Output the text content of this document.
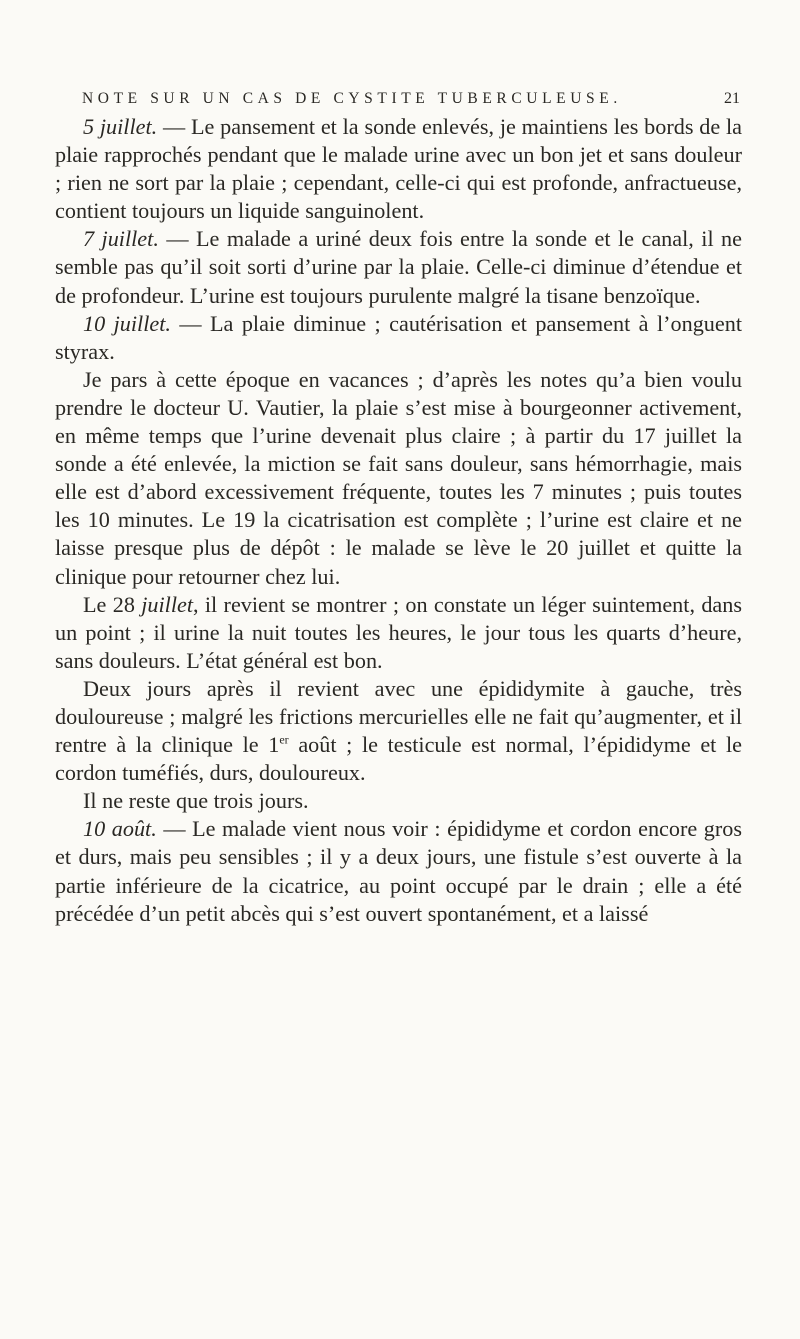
NOTE SUR UN CAS DE CYSTITE TUBERCULEUSE.	21

5 juillet. — Le pansement et la sonde enlevés, je maintiens les bords de la plaie rapprochés pendant que le malade urine avec un bon jet et sans douleur ; rien ne sort par la plaie ; cependant, celle-ci qui est profonde, anfractueuse, contient toujours un liquide sanguinolent.

7 juillet. — Le malade a uriné deux fois entre la sonde et le canal, il ne semble pas qu’il soit sorti d’urine par la plaie. Celle-ci diminue d’étendue et de profondeur. L’urine est toujours purulente malgré la tisane benzoïque.

10 juillet. — La plaie diminue ; cautérisation et pansement à l’onguent styrax.

Je pars à cette époque en vacances ; d’après les notes qu’a bien voulu prendre le docteur U. Vautier, la plaie s’est mise à bourgeonner activement, en même temps que l’urine devenait plus claire ; à partir du 17 juillet la sonde a été enlevée, la miction se fait sans douleur, sans hémorrhagie, mais elle est d’abord excessivement fréquente, toutes les 7 minutes ; puis toutes les 10 minutes. Le 19 la cicatrisation est complète ; l’urine est claire et ne laisse presque plus de dépôt : le malade se lève le 20 juillet et quitte la clinique pour retourner chez lui.

Le 28 juillet, il revient se montrer ; on constate un léger suintement, dans un point ; il urine la nuit toutes les heures, le jour tous les quarts d’heure, sans douleurs. L’état général est bon.

Deux jours après il revient avec une épididymite à gauche, très douloureuse ; malgré les frictions mercurielles elle ne fait qu’augmenter, et il rentre à la clinique le 1er août ; le testicule est normal, l’épididyme et le cordon tuméfiés, durs, douloureux.

Il ne reste que trois jours.

10 août. — Le malade vient nous voir : épididyme et cordon encore gros et durs, mais peu sensibles ; il y a deux jours, une fistule s’est ouverte à la partie inférieure de la cicatrice, au point occupé par le drain ; elle a été précédée d’un petit abcès qui s’est ouvert spontanément, et a laissé
